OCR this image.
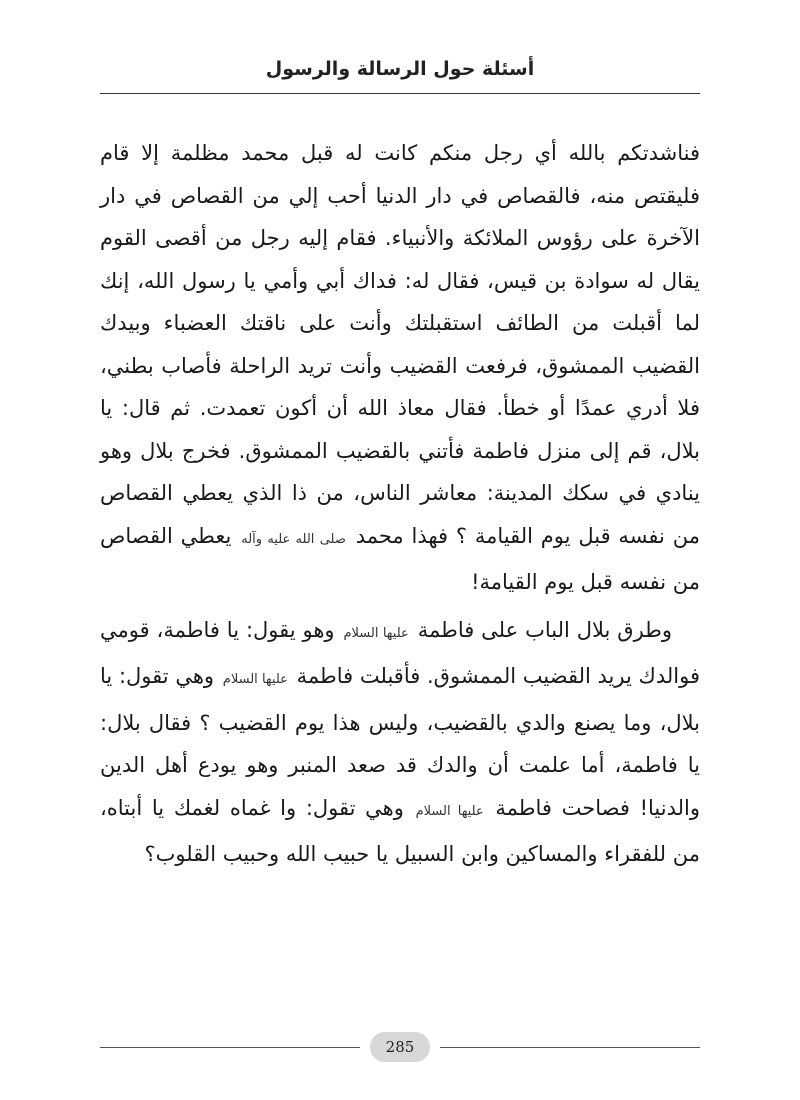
أسئلة حول الرسالة والرسول

فناشدتكم بالله أي رجل منكم كانت له قبل محمد مظلمة إلا قام فليقتص منه، فالقصاص في دار الدنيا أحب إلي من القصاص في دار الآخرة على رؤوس الملائكة والأنبياء. فقام إليه رجل من أقصى القوم يقال له سوادة بن قيس، فقال له: فداك أبي وأمي يا رسول الله، إنك لما أقبلت من الطائف استقبلتك وأنت على ناقتك العضباء وبيدك القضيب الممشوق، فرفعت القضيب وأنت تريد الراحلة فأصاب بطني، فلا أدري عمدًا أو خطأ. فقال معاذ الله أن أكون تعمدت. ثم قال: يا بلال، قم إلى منزل فاطمة فأتني بالقضيب الممشوق. فخرج بلال وهو ينادي في سكك المدينة: معاشر الناس، من ذا الذي يعطي القصاص من نفسه قبل يوم القيامة ؟ فهذا محمد صلى الله عليه وآله يعطي القصاص من نفسه قبل يوم القيامة!

وطرق بلال الباب على فاطمة عليها السلام وهو يقول: يا فاطمة، قومي فوالدك يريد القضيب الممشوق. فأقبلت فاطمة عليها السلام وهي تقول: يا بلال، وما يصنع والدي بالقضيب، وليس هذا يوم القضيب ؟ فقال بلال: يا فاطمة، أما علمت أن والدك قد صعد المنبر وهو يودع أهل الدين والدنيا! فصاحت فاطمة عليها السلام وهي تقول: وا غماه لغمك يا أبتاه، من للفقراء والمساكين وابن السبيل يا حبيب الله وحبيب القلوب؟

285
